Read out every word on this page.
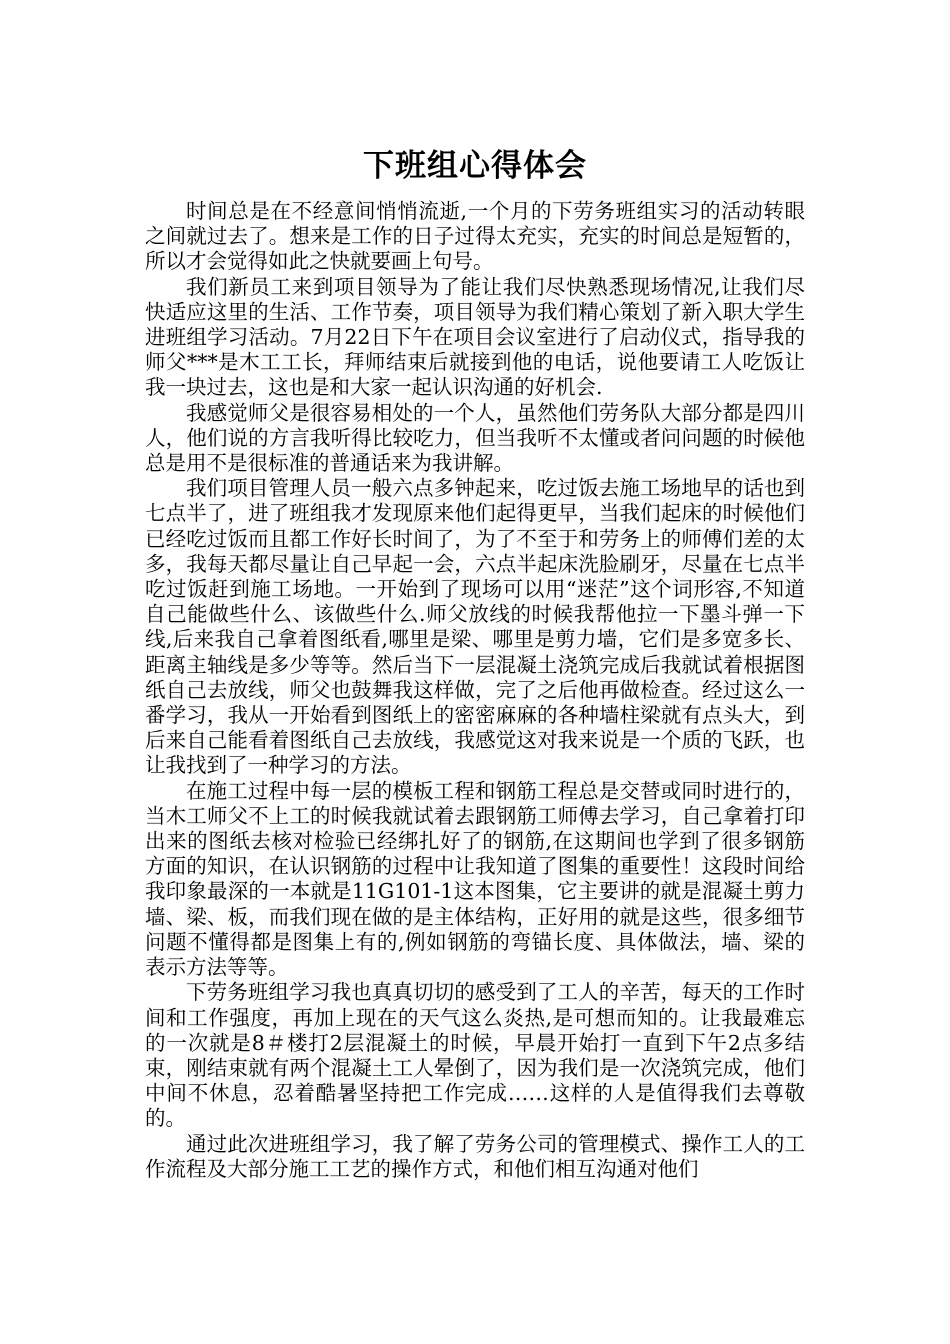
下班组心得体会

时间总是在不经意间悄悄流逝,一个月的下劳务班组实习的活动转眼之间就过去了。想来是工作的日子过得太充实，充实的时间总是短暂的，所以才会觉得如此之快就要画上句号。

我们新员工来到项目领导为了能让我们尽快熟悉现场情况,让我们尽快适应这里的生活、工作节奏，项目领导为我们精心策划了新入职大学生进班组学习活动。7月22日下午在项目会议室进行了启动仪式，指导我的师父***是木工工长，拜师结束后就接到他的电话，说他要请工人吃饭让我一块过去，这也是和大家一起认识沟通的好机会.

我感觉师父是很容易相处的一个人，虽然他们劳务队大部分都是四川人，他们说的方言我听得比较吃力，但当我听不太懂或者问问题的时候他总是用不是很标准的普通话来为我讲解。

我们项目管理人员一般六点多钟起来，吃过饭去施工场地早的话也到七点半了，进了班组我才发现原来他们起得更早，当我们起床的时候他们已经吃过饭而且都工作好长时间了，为了不至于和劳务上的师傅们差的太多，我每天都尽量让自己早起一会，六点半起床洗脸刷牙，尽量在七点半吃过饭赶到施工场地。一开始到了现场可以用“迷茫”这个词形容,不知道自己能做些什么、该做些什么.师父放线的时候我帮他拉一下墨斗弹一下线,后来我自己拿着图纸看,哪里是梁、哪里是剪力墙，它们是多宽多长、距离主轴线是多少等等。然后当下一层混凝土浇筑完成后我就试着根据图纸自己去放线，师父也鼓舞我这样做，完了之后他再做检查。经过这么一番学习，我从一开始看到图纸上的密密麻麻的各种墙柱梁就有点头大，到后来自己能看着图纸自己去放线，我感觉这对我来说是一个质的飞跃，也让我找到了一种学习的方法。

在施工过程中每一层的模板工程和钢筋工程总是交替或同时进行的，当木工师父不上工的时候我就试着去跟钢筋工师傅去学习，自己拿着打印出来的图纸去核对检验已经绑扎好了的钢筋,在这期间也学到了很多钢筋方面的知识，在认识钢筋的过程中让我知道了图集的重要性！这段时间给我印象最深的一本就是11G101-1这本图集，它主要讲的就是混凝土剪力墙、梁、板，而我们现在做的是主体结构，正好用的就是这些，很多细节问题不懂得都是图集上有的,例如钢筋的弯锚长度、具体做法，墙、梁的表示方法等等。

下劳务班组学习我也真真切切的感受到了工人的辛苦，每天的工作时间和工作强度，再加上现在的天气这么炎热,是可想而知的。让我最难忘的一次就是8＃楼打2层混凝土的时候，早晨开始打一直到下午2点多结束，刚结束就有两个混凝土工人晕倒了，因为我们是一次浇筑完成，他们中间不休息，忍着酷暑坚持把工作完成……这样的人是值得我们去尊敬的。

通过此次进班组学习，我了解了劳务公司的管理模式、操作工人的工作流程及大部分施工工艺的操作方式，和他们相互沟通对他们
